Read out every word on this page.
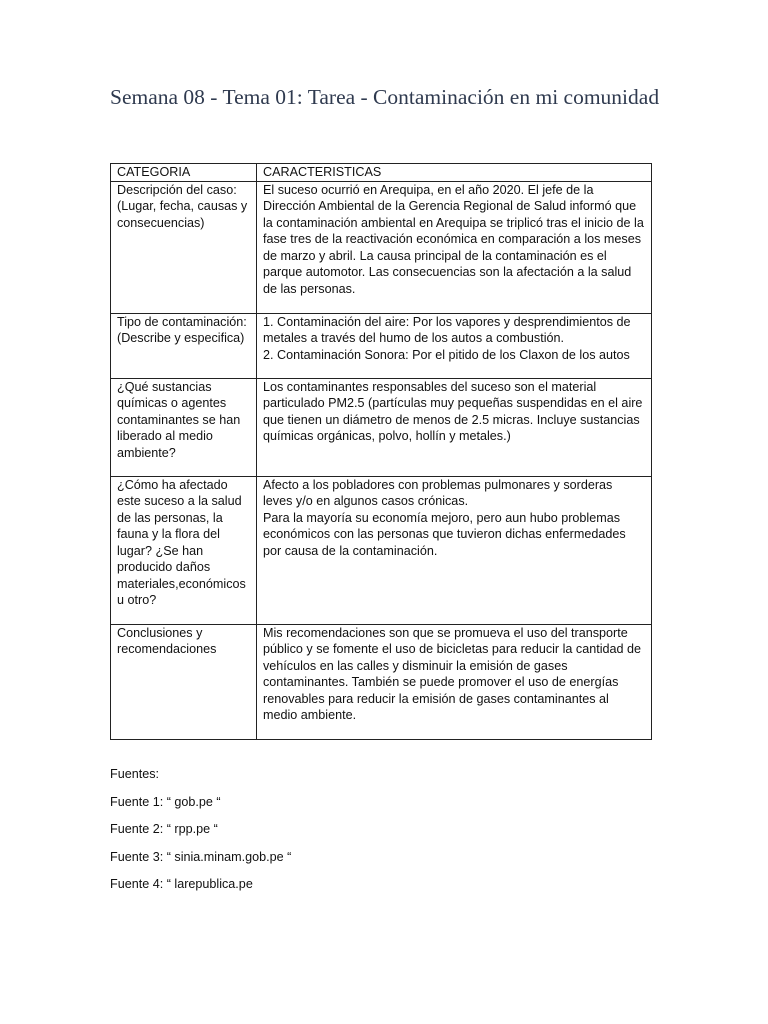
Semana 08 - Tema 01: Tarea - Contaminación en mi comunidad
CATEGORIA	CARACTERISTICAS
Descripción del caso: (Lugar, fecha, causas y consecuencias)	El suceso ocurrió en Arequipa, en el año 2020. El jefe de la Dirección Ambiental de la Gerencia Regional de Salud informó que la contaminación ambiental en Arequipa se triplicó tras el inicio de la fase tres de la reactivación económica en comparación a los meses de marzo y abril. La causa principal de la contaminación es el parque automotor. Las consecuencias son la afectación a la salud de las personas.

Tipo de contaminación: (Describe y especifica)	1. Contaminación del aire: Por los vapores y desprendimientos de metales a través del humo de los autos a combustión.
2. Contaminación Sonora: Por el pitido de los Claxon de los autos

¿Qué sustancias químicas o agentes contaminantes se han liberado al medio ambiente?	Los contaminantes responsables del suceso son el material particulado PM2.5 (partículas muy pequeñas suspendidas en el aire que tienen un diámetro de menos de 2.5 micras. Incluye sustancias químicas orgánicas, polvo, hollín y metales.)

¿Cómo ha afectado este suceso a la salud de las personas, la fauna y la flora del lugar? ¿Se han producido daños materiales,económicos u otro?	Afecto a los pobladores con problemas pulmonares y sorderas leves y/o en algunos casos crónicas.
Para la mayoría su economía mejoro, pero aun hubo problemas económicos con las personas que tuvieron dichas enfermedades por causa de la contaminación.

Conclusiones y recomendaciones	Mis recomendaciones son que se promueva el uso del transporte público y se fomente el uso de bicicletas para reducir la cantidad de vehículos en las calles y disminuir la emisión de gases contaminantes. También se puede promover el uso de energías renovables para reducir la emisión de gases contaminantes al medio ambiente.
Fuentes:
Fuente 1: “ gob.pe “
Fuente 2: “ rpp.pe “
Fuente 3: “ sinia.minam.gob.pe “
Fuente 4: “ larepublica.pe
